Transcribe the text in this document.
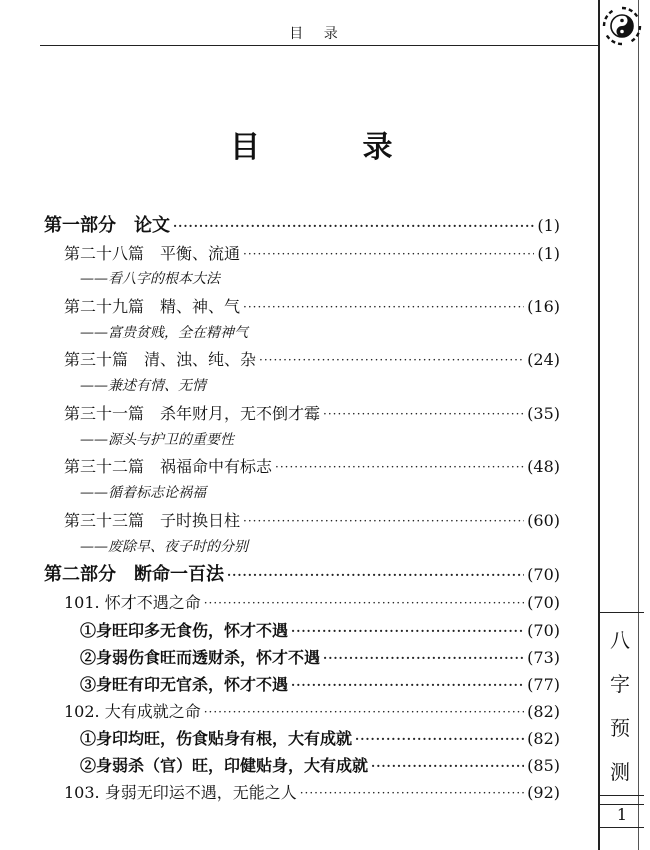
目 录
八
字
预
测
1
目 录
第一部分　论文 ·····	(1)
第二十八篇　平衡、流通 ·····	(1)
——看八字的根本大法
第二十九篇　精、神、气 ·····	(16)
——富贵贫贱，全在精神气
第三十篇　清、浊、纯、杂 ·····	(24)
——兼述有情、无情
第三十一篇　杀年财月，无不倒才霉 ·····	(35)
——源头与护卫的重要性
第三十二篇　祸福命中有标志 ·····	(48)
——循着标志论祸福
第三十三篇　子时换日柱 ·····	(60)
——废除早、夜子时的分别
第二部分　断命一百法 ·····	(70)
101. 怀才不遇之命 ·····	(70)
①身旺印多无食伤，怀才不遇 ·····	(70)
②身弱伤食旺而透财杀，怀才不遇 ·····	(73)
③身旺有印无官杀，怀才不遇 ·····	(77)
102. 大有成就之命 ·····	(82)
①身印均旺，伤食贴身有根，大有成就 ·····	(82)
②身弱杀（官）旺，印健贴身，大有成就 ·····	(85)
103. 身弱无印运不遇，无能之人 ·····	(92)
